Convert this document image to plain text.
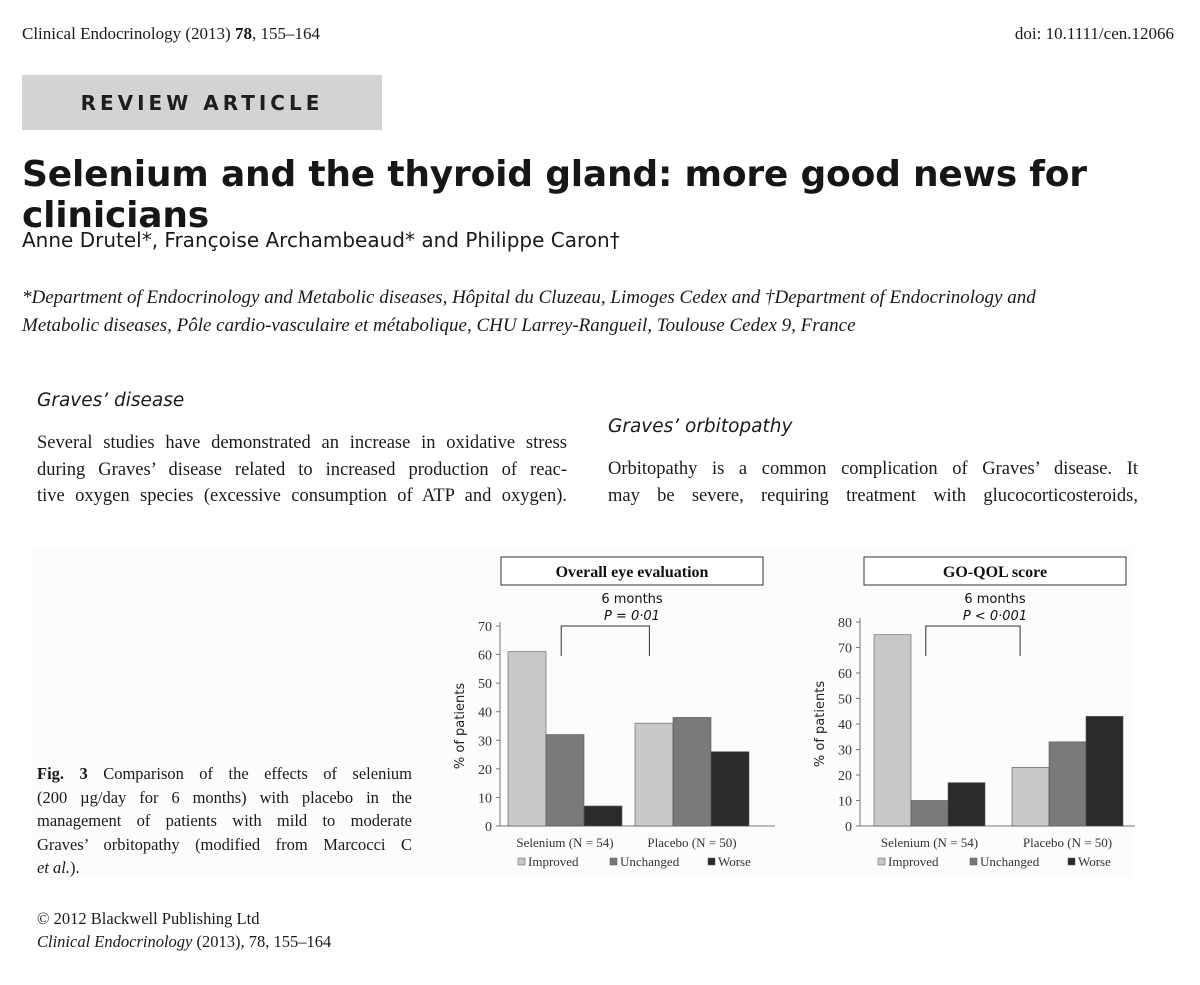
Clinical Endocrinology (2013) 78, 155–164	doi: 10.1111/cen.12066
REVIEW ARTICLE
Selenium and the thyroid gland: more good news for clinicians
Anne Drutel*, Françoise Archambeaud* and Philippe Caron†
*Department of Endocrinology and Metabolic diseases, Hôpital du Cluzeau, Limoges Cedex and †Department of Endocrinology and
Metabolic diseases, Pôle cardio-vasculaire et métabolique, CHU Larrey-Rangueil, Toulouse Cedex 9, France
Graves’ disease
Several studies have demonstrated an increase in oxidative stress
during Graves’ disease related to increased production of reac-
tive oxygen species (excessive consumption of ATP and oxygen).
Graves’ orbitopathy
Orbitopathy is a common complication of Graves’ disease. It
may be severe, requiring treatment with glucocorticosteroids,
Fig. 3 Comparison of the effects of selenium
(200 µg/day for 6 months) with placebo in the
management of patients with mild to moderate
Graves’ orbitopathy (modified from Marcocci C
et al.).
© 2012 Blackwell Publishing Ltd
Clinical Endocrinology (2013), 78, 155–164
Overall eye evaluation
6 months
P = 0·01
0
10
20
30
40
50
60
70
% of patients
Selenium (N = 54)	Placebo (N = 50)
Improved	Unchanged	Worse
GO-QOL score
6 months
P < 0·001
0
10
20
30
40
50
60
70
80
% of patients
Selenium (N = 54)	Placebo (N = 50)
Improved	Unchanged	Worse
